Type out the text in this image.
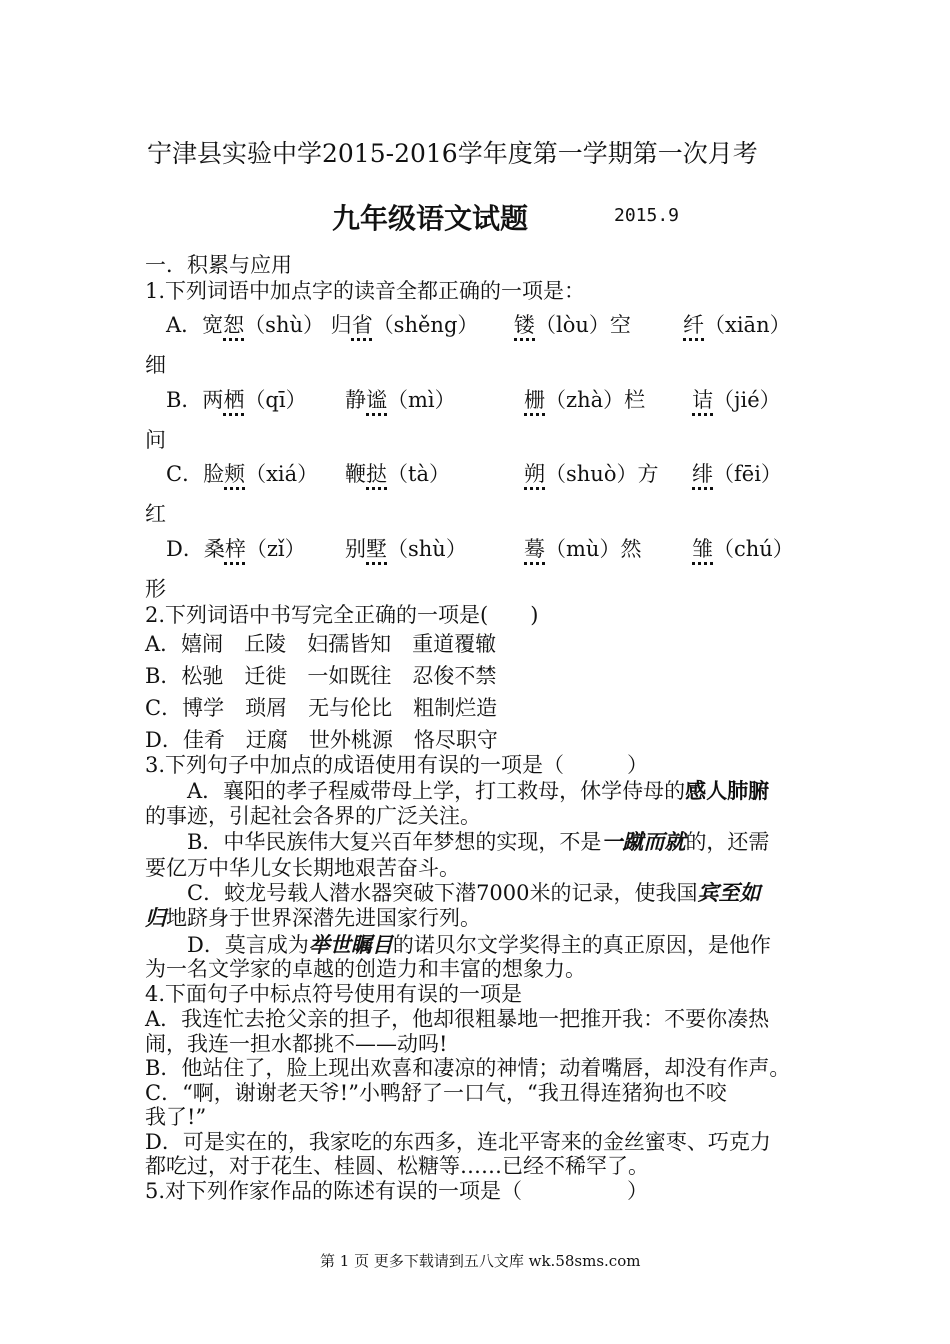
宁津县实验中学2015-2016学年度第一学期第一次月考
九年级语文试题	2015.9
一．积累与应用
1.下列词语中加点字的读音全都正确的一项是：
A．宽恕（shù） 归省（shěng） 镂（lòu）空 纤（xiān）
细
B．两栖（qī） 静谧（mì）	栅（zhà）栏 诘（jié）
问
C．脸颊（xiá） 鞭挞（tà）	朔（shuò）方 绯（fēi）
红
D．桑梓（zǐ） 别墅（shù）	蓦（mù）然 雏（chú）
形
2.下列词语中书写完全正确的一项是(　　)
A．嬉闹　丘陵　妇孺皆知　重道覆辙
B．松驰　迁徙　一如既往　忍俊不禁
C．博学　琐屑　无与伦比　粗制烂造
D．佳肴　迂腐　世外桃源　恪尽职守
3.下列句子中加点的成语使用有误的一项是（　　　）
A．襄阳的孝子程威带母上学，打工救母，休学侍母的感人肺腑
的事迹，引起社会各界的广泛关注。
B．中华民族伟大复兴百年梦想的实现，不是一蹴而就的，还需
要亿万中华儿女长期地艰苦奋斗。
C．蛟龙号载人潜水器突破下潜7000米的记录，使我国宾至如
归地跻身于世界深潜先进国家行列。
D．莫言成为举世瞩目的诺贝尔文学奖得主的真正原因，是他作
为一名文学家的卓越的创造力和丰富的想象力。
4.下面句子中标点符号使用有误的一项是
A．我连忙去抢父亲的担子，他却很粗暴地一把推开我：不要你凑热
闹，我连一担水都挑不——动吗!
B．他站住了，脸上现出欢喜和凄凉的神情；动着嘴唇，却没有作声。
C．“啊，谢谢老天爷!”小鸭舒了一口气，“我丑得连猪狗也不咬
我了!”
D．可是实在的，我家吃的东西多，连北平寄来的金丝蜜枣、巧克力
都吃过，对于花生、桂圆、松糖等……已经不稀罕了。
5.对下列作家作品的陈述有误的一项是（　　　　　）
第 1 页 更多下载请到五八文库 wk.58sms.com
